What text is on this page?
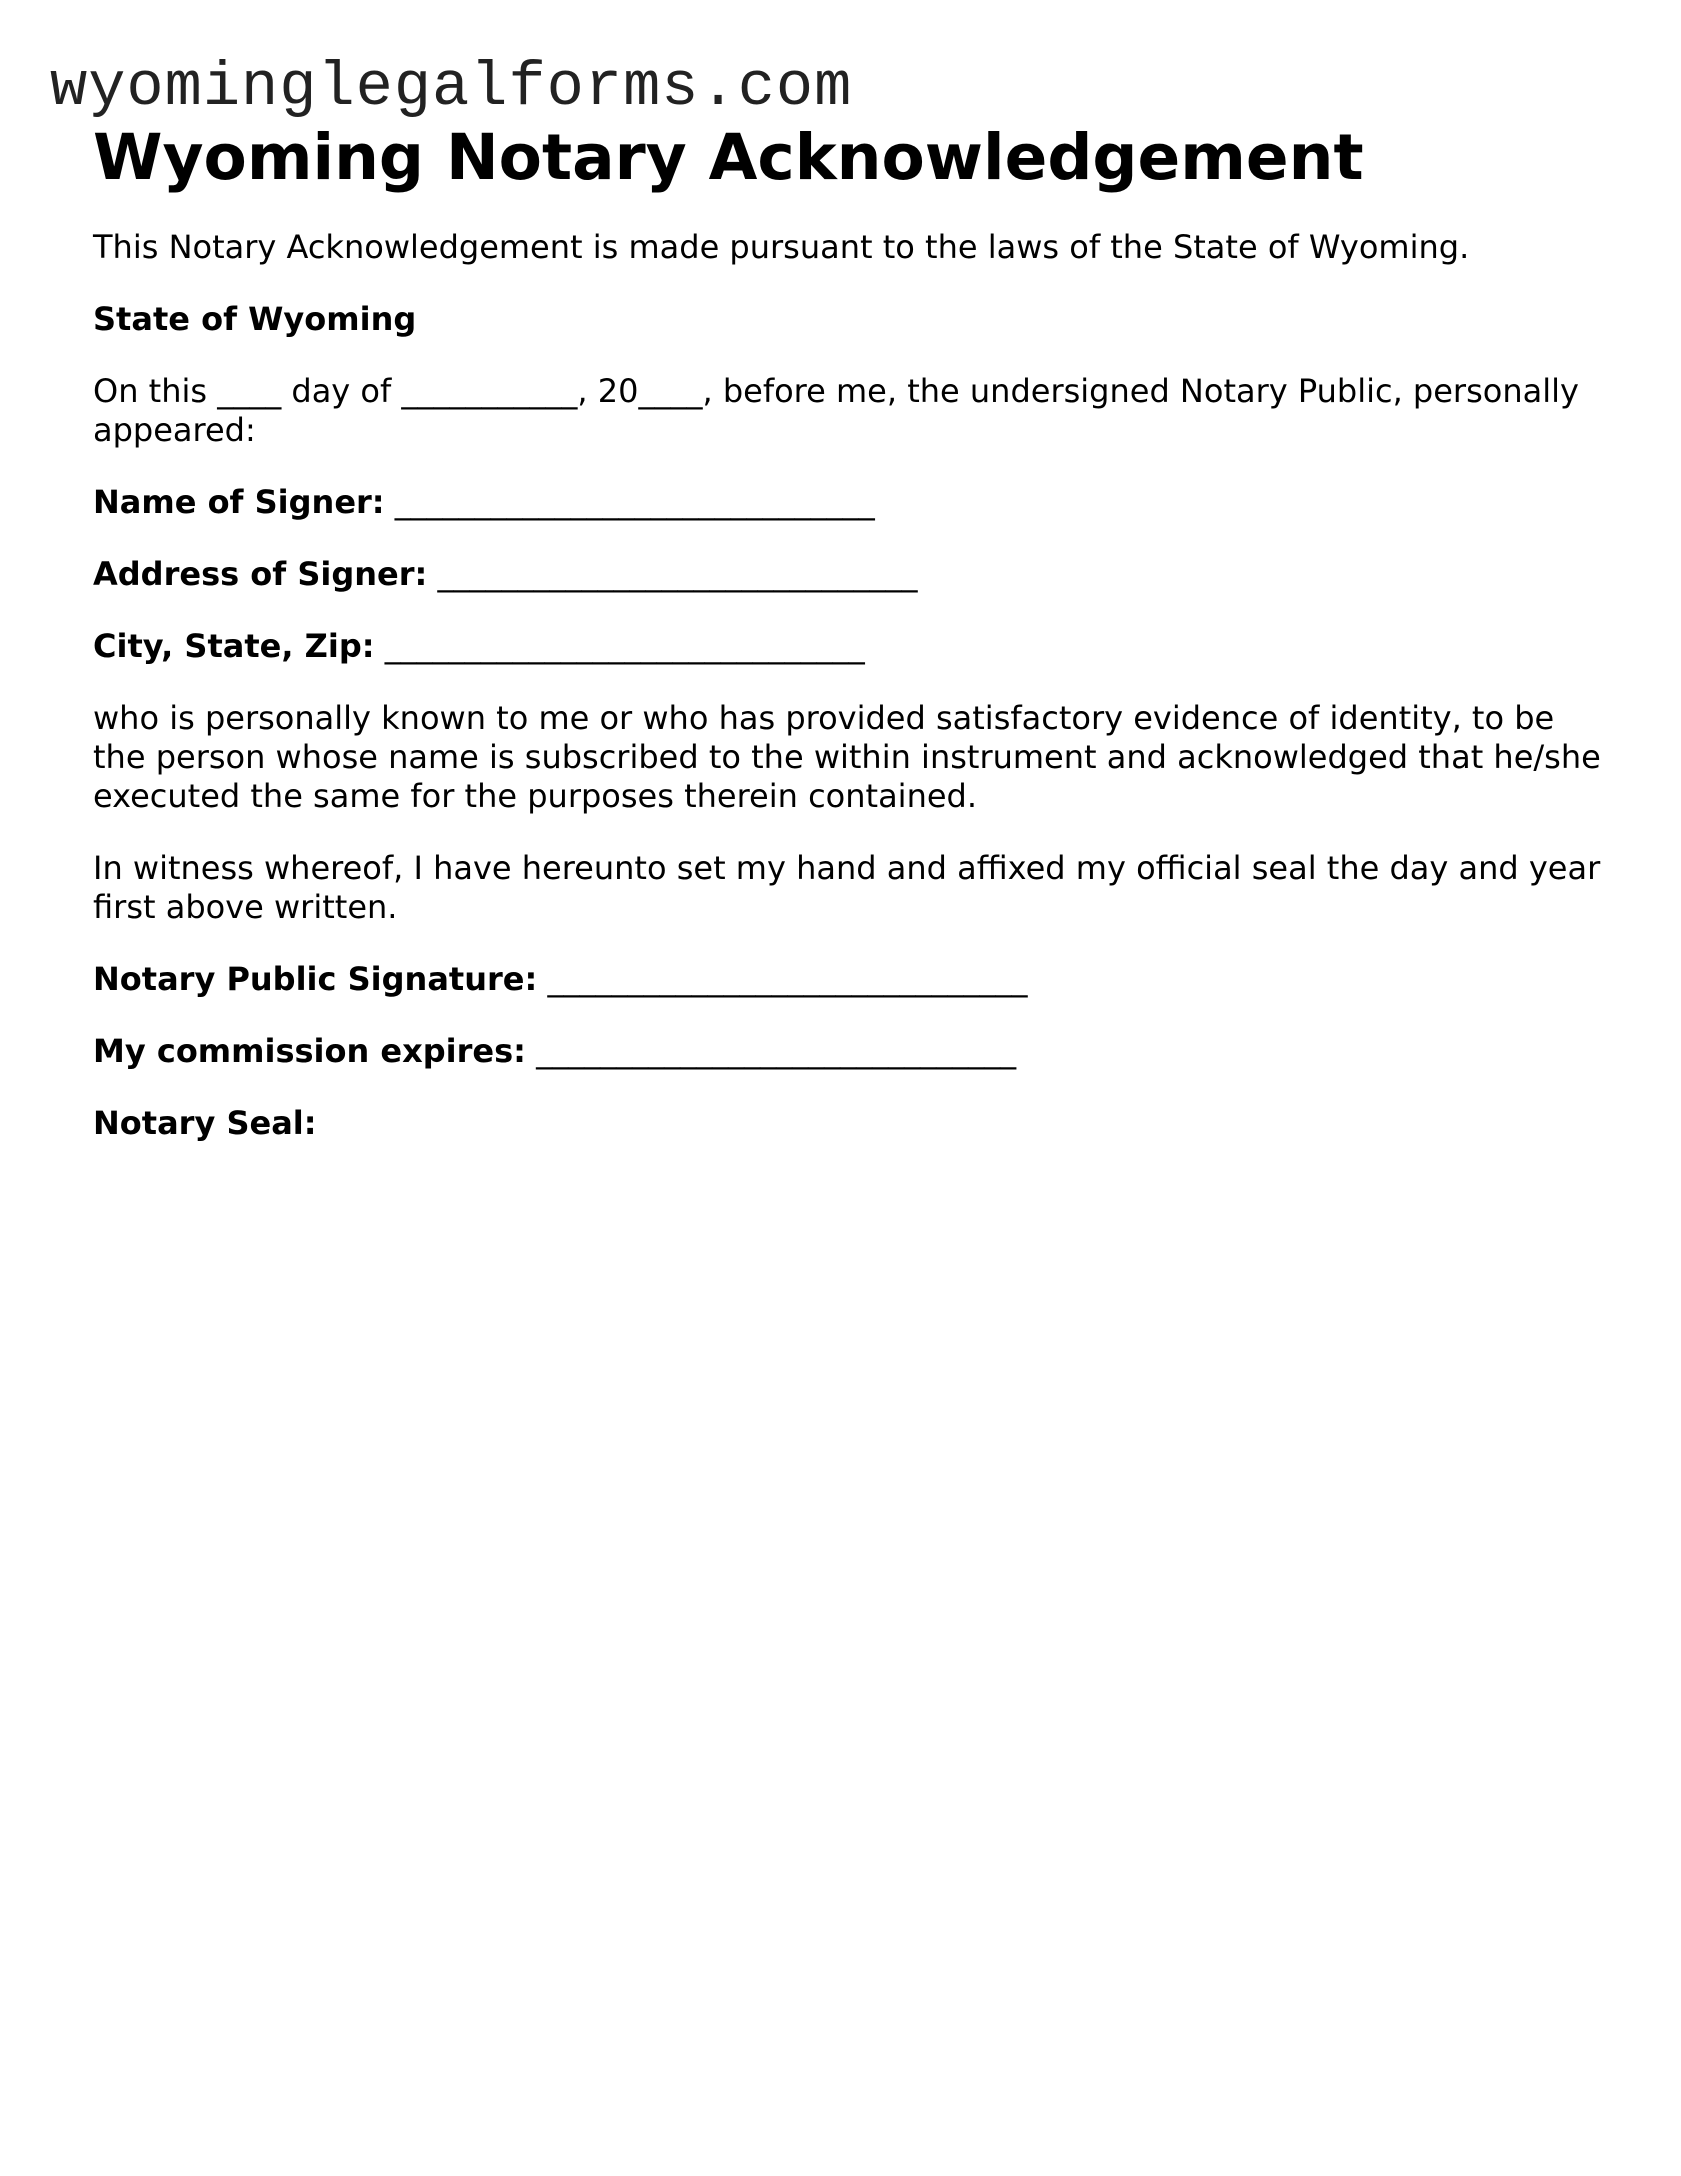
wyominglegalforms.com
Wyoming Notary Acknowledgement

This Notary Acknowledgement is made pursuant to the laws of the State of Wyoming.

State of Wyoming

On this ____ day of ___________, 20____, before me, the undersigned Notary Public, personally appeared:

Name of Signer: ______________________________

Address of Signer: ______________________________

City, State, Zip: ______________________________

who is personally known to me or who has provided satisfactory evidence of identity, to be the person whose name is subscribed to the within instrument and acknowledged that he/she executed the same for the purposes therein contained.

In witness whereof, I have hereunto set my hand and affixed my official seal the day and year first above written.

Notary Public Signature: ______________________________

My commission expires: ______________________________

Notary Seal:
